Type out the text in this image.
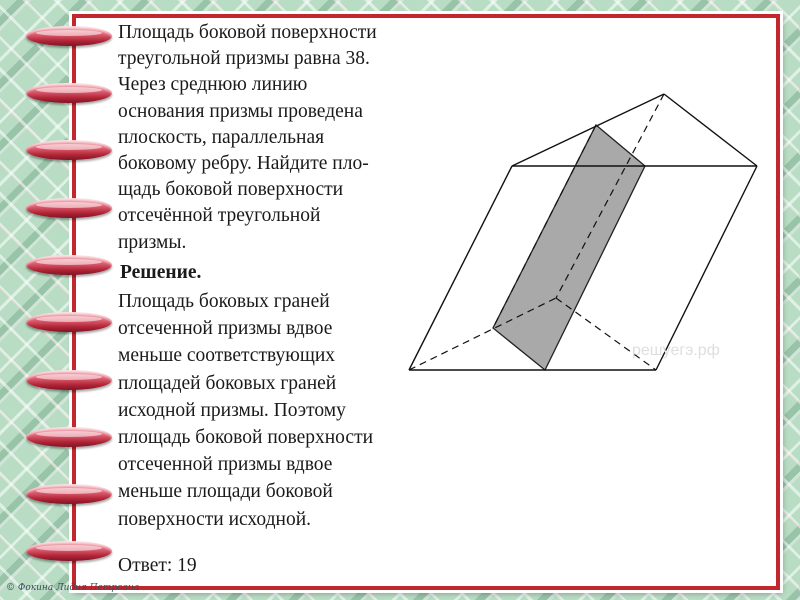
Площадь боковой поверхности
треугольной призмы равна 38.
Через среднюю линию
основания призмы проведена
плоскость, параллельная
боковому ребру. Найдите пло-
щадь боковой поверхности
отсечённой треугольной
призмы.

Решение.

Площадь боковых граней
отсеченной призмы вдвое
меньше соответствующих
площадей боковых граней
исходной призмы. Поэтому
площадь боковой поверхности
отсеченной призмы вдвое
меньше площади боковой
поверхности исходной.

Ответ: 19

решуегэ.рф

© Фокина Лидия Петровна
